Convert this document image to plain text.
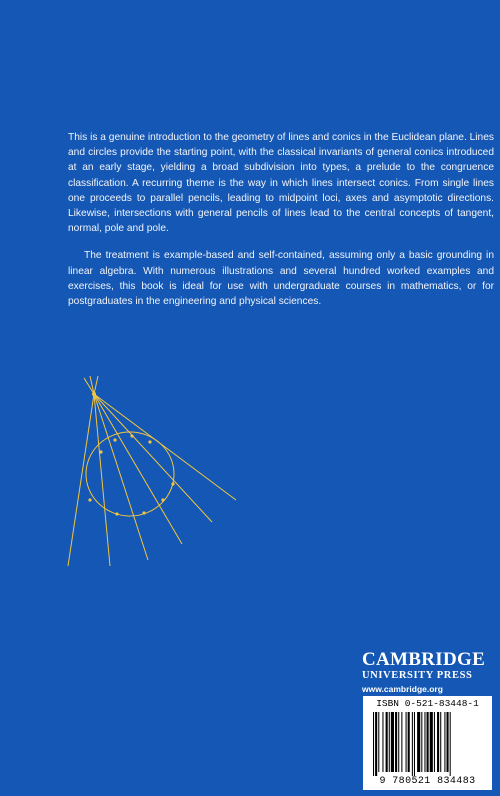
This is a genuine introduction to the geometry of lines and conics in the Euclidean plane. Lines and circles provide the starting point, with the classical invariants of general conics introduced at an early stage, yielding a broad subdivision into types, a prelude to the congruence classification. A recurring theme is the way in which lines intersect conics. From single lines one proceeds to parallel pencils, leading to midpoint loci, axes and asymptotic directions. Likewise, intersections with general pencils of lines lead to the central concepts of tangent, normal, pole and pole.

The treatment is example-based and self-contained, assuming only a basic grounding in linear algebra. With numerous illustrations and several hundred worked examples and exercises, this book is ideal for use with undergraduate courses in mathematics, or for postgraduates in the engineering and physical sciences.

CAMBRIDGE
UNIVERSITY PRESS
www.cambridge.org
ISBN 0-521-83448-1
9 780521 834483
